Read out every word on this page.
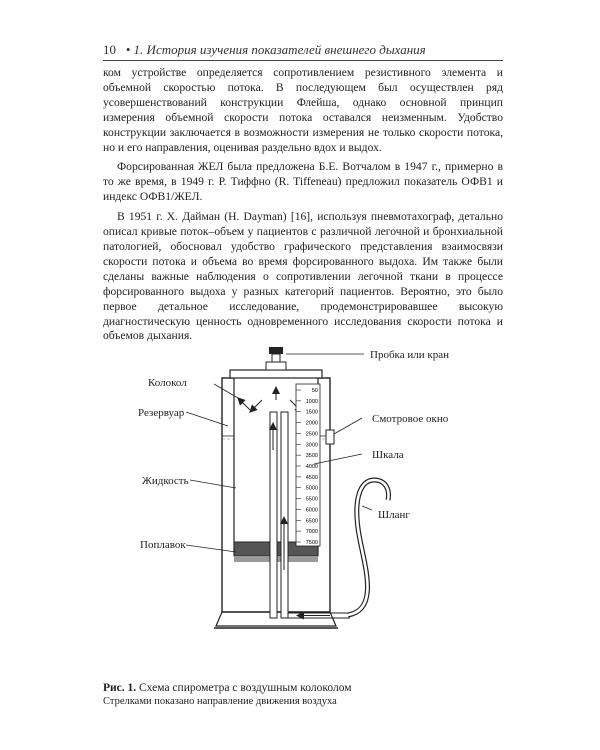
10 • 1. История изучения показателей внешнего дыхания

ком устройстве определяется сопротивлением резистивного элемента и объемной скоростью потока. В последующем был осуществлен ряд усовершенствований конструкции Флейша, однако основной принцип измерения объемной скорости потока оставался неизменным. Удобство конструкции заключается в возможности измерения не только скорости потока, но и его направления, оценивая раздельно вдох и выдох.

Форсированная ЖЕЛ была предложена Б.Е. Вотчалом в 1947 г., примерно в то же время, в 1949 г. Р. Тиффно (R. Tiffeneau) предложил показатель ОФВ1 и индекс ОФВ1/ЖЕЛ.

В 1951 г. Х. Дайман (H. Dayman) [16], используя пневмотахограф, детально описал кривые поток–объем у пациентов с различной легочной и бронхиальной патологией, обосновал удобство графического представления взаимосвязи скорости потока и объема во время форсированного выдоха. Им также были сделаны важные наблюдения о сопротивлении легочной ткани в процессе форсированного выдоха у разных категорий пациентов. Вероятно, это было первое детальное исследование, продемонстрировавшее высокую диагностическую ценность одновременного исследования скорости потока и объемов дыхания.

50
1000
1500
2000
2500
3000
3500
4000
4500
5000
5500
6000
6500
7000
7500
Пробка или кран
Колокол
Резервуар	Смотровое окно
Шкала
Жидкость
Шланг
Поплавок
Рис. 1. Схема спирометра с воздушным колоколом
Стрелками показано направление движения воздуха
